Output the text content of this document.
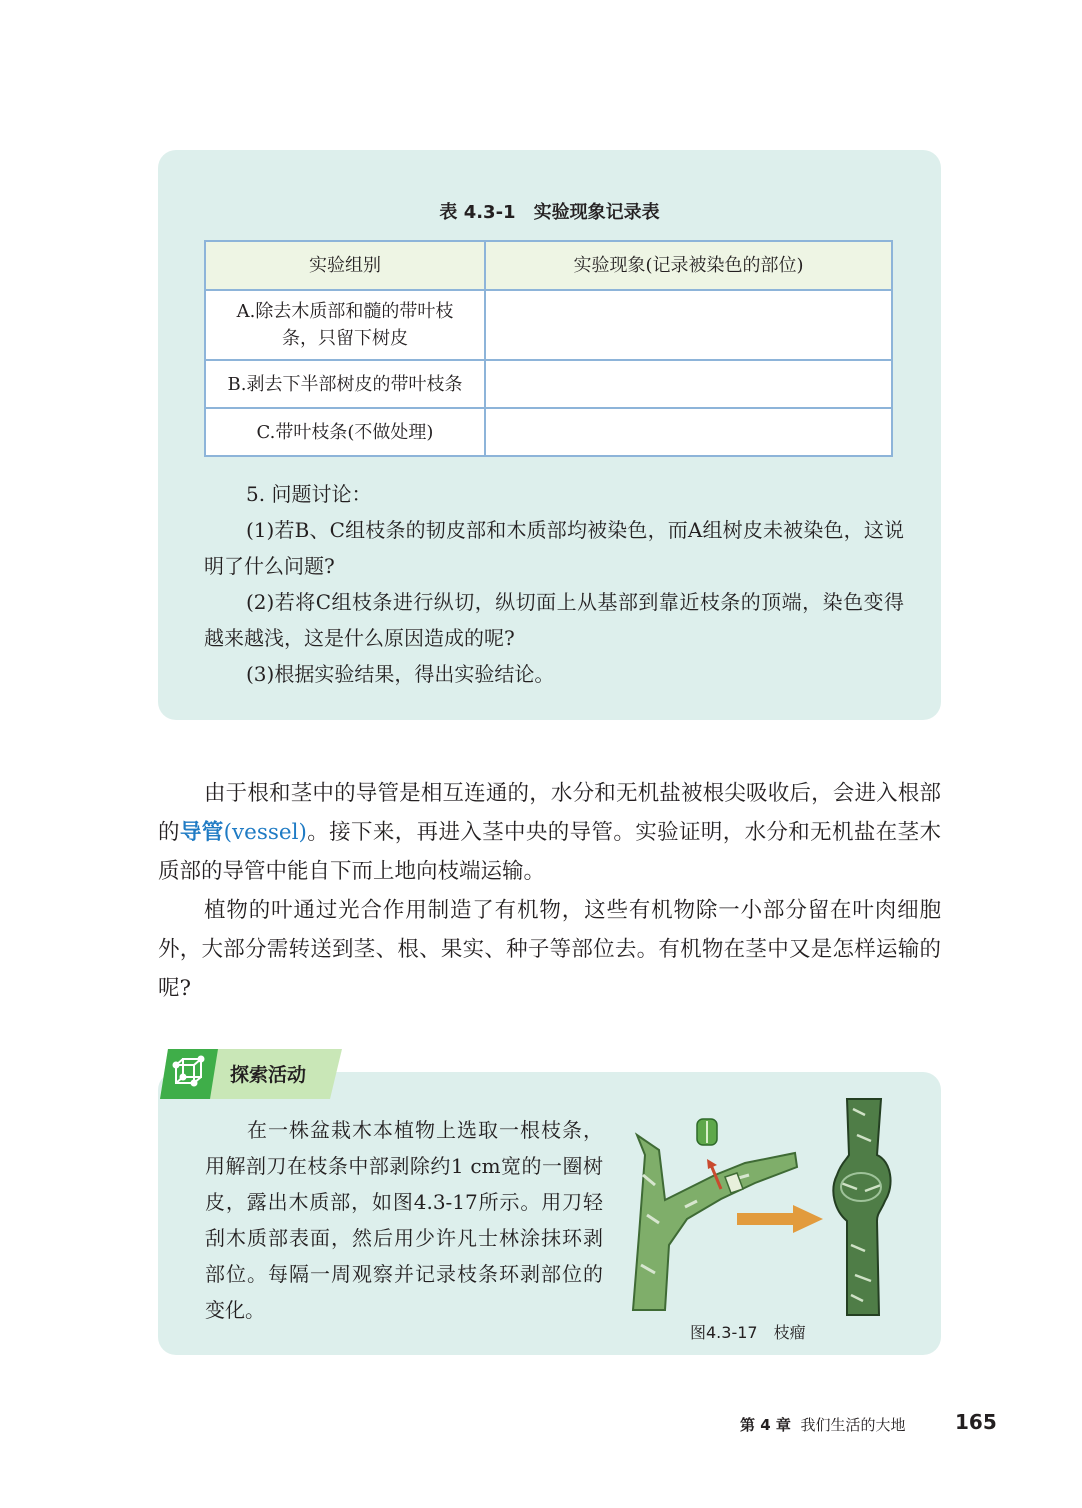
表 4.3-1　实验现象记录表
实验组别	实验现象(记录被染色的部位)
A.除去木质部和髓的带叶枝
条，只留下树皮	
B.剥去下半部树皮的带叶枝条	
C.带叶枝条(不做处理)	

5. 问题讨论：

(1)若B、C组枝条的韧皮部和木质部均被染色，而A组树皮未被染色，这说明了什么问题?

(2)若将C组枝条进行纵切，纵切面上从基部到靠近枝条的顶端，染色变得越来越浅，这是什么原因造成的呢?

(3)根据实验结果，得出实验结论。

由于根和茎中的导管是相互连通的，水分和无机盐被根尖吸收后，会进入根部的导管(vessel)。接下来，再进入茎中央的导管。实验证明，水分和无机盐在茎木质部的导管中能自下而上地向枝端运输。

植物的叶通过光合作用制造了有机物，这些有机物除一小部分留在叶肉细胞外，大部分需转送到茎、根、果实、种子等部位去。有机物在茎中又是怎样运输的呢?

探索活动

在一株盆栽木本植物上选取一根枝条，用解剖刀在枝条中部剥除约1 cm宽的一圈树皮，露出木质部，如图4.3-17所示。用刀轻刮木质部表面，然后用少许凡士林涂抹环剥部位。每隔一周观察并记录枝条环剥部位的变化。

图4.3-17　枝瘤
第 4 章 我们生活的大地 165
